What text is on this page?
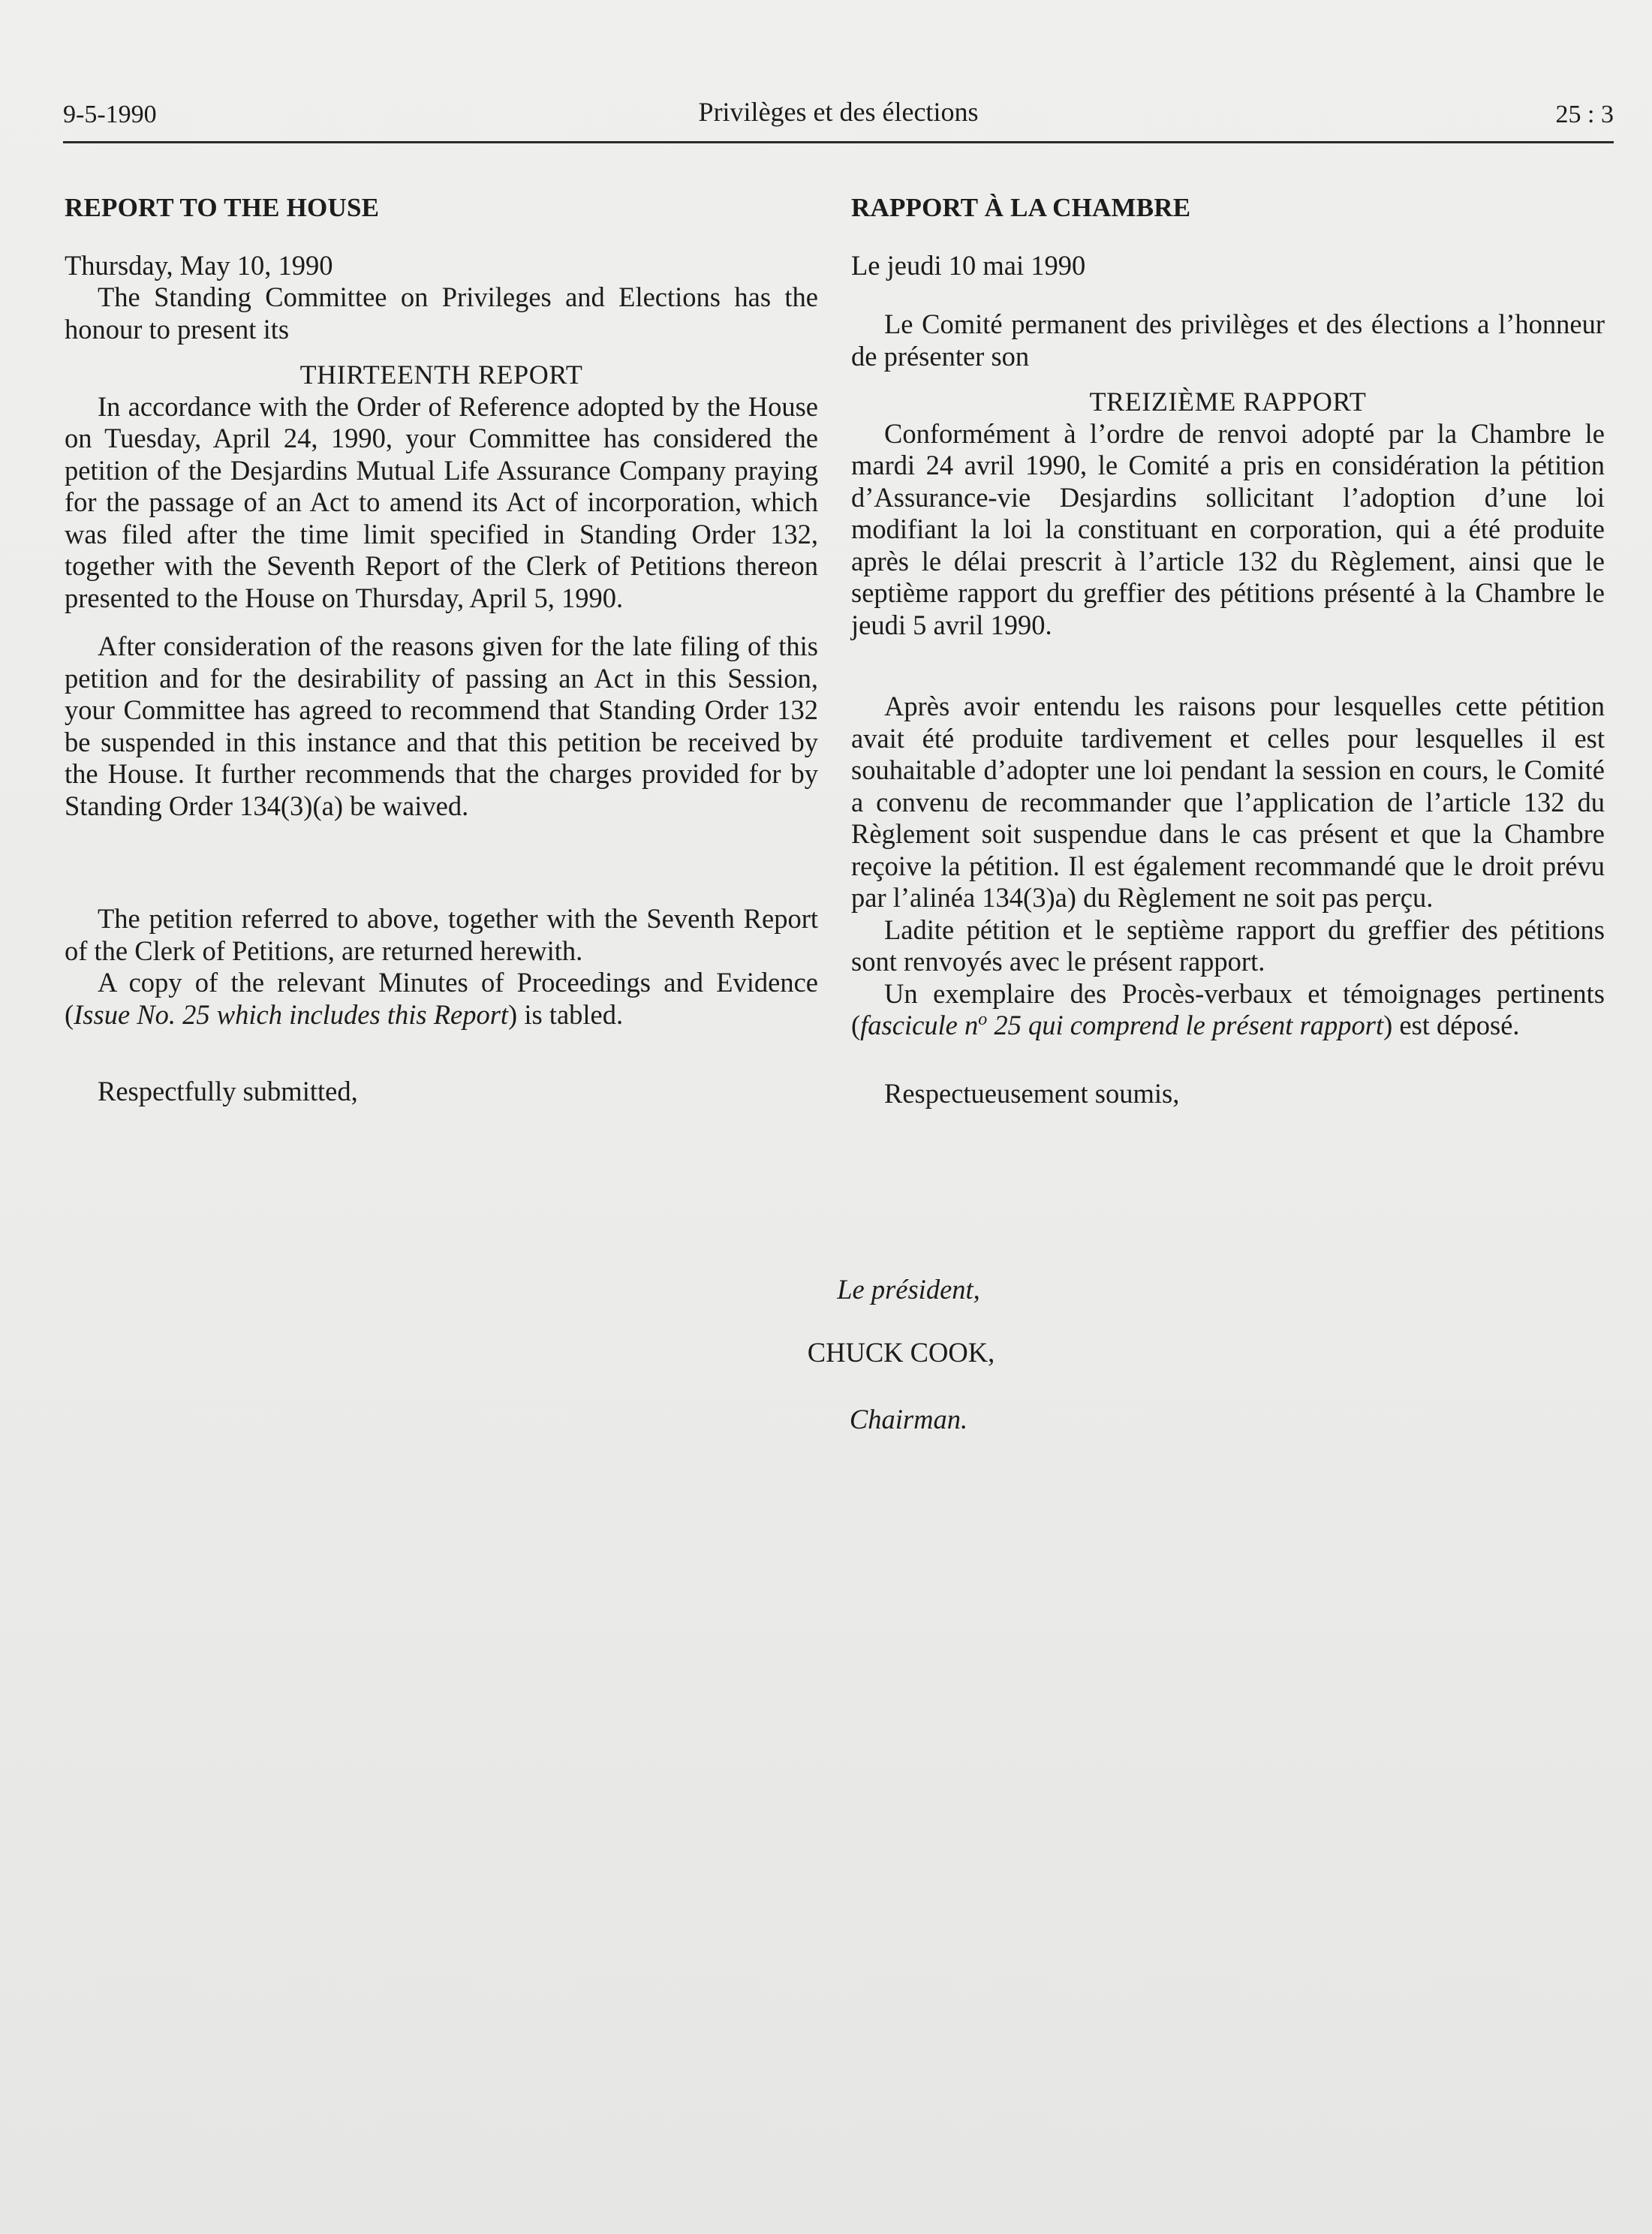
9-5-1990	Privilèges et des élections	25 : 3
REPORT TO THE HOUSE
Thursday, May 10, 1990

The Standing Committee on Privileges and Elections has the honour to present its

THIRTEENTH REPORT

In accordance with the Order of Reference adopted by the House on Tuesday, April 24, 1990, your Committee has considered the petition of the Desjardins Mutual Life Assurance Company praying for the passage of an Act to amend its Act of incorporation, which was filed after the time limit specified in Standing Order 132, together with the Seventh Report of the Clerk of Petitions thereon presented to the House on Thursday, April 5, 1990.

After consideration of the reasons given for the late filing of this petition and for the desirability of passing an Act in this Session, your Committee has agreed to recommend that Standing Order 132 be suspended in this instance and that this petition be received by the House. It further recommends that the charges provided for by Standing Order 134(3)(a) be waived.

The petition referred to above, together with the Seventh Report of the Clerk of Petitions, are returned herewith.

A copy of the relevant Minutes of Proceedings and Evidence (Issue No. 25 which includes this Report) is tabled.

Respectfully submitted,

RAPPORT À LA CHAMBRE
Le jeudi 10 mai 1990

Le Comité permanent des privilèges et des élections a l’honneur de présenter son

TREIZIÈME RAPPORT

Conformément à l’ordre de renvoi adopté par la Chambre le mardi 24 avril 1990, le Comité a pris en considération la pétition d’Assurance-vie Desjardins sollicitant l’adoption d’une loi modifiant la loi la constituant en corporation, qui a été produite après le délai prescrit à l’article 132 du Règlement, ainsi que le septième rapport du greffier des pétitions présenté à la Chambre le jeudi 5 avril 1990.

Après avoir entendu les raisons pour lesquelles cette pétition avait été produite tardivement et celles pour lesquelles il est souhaitable d’adopter une loi pendant la session en cours, le Comité a convenu de recommander que l’application de l’article 132 du Règlement soit suspendue dans le cas présent et que la Chambre reçoive la pétition. Il est également recommandé que le droit prévu par l’alinéa 134(3)a) du Règlement ne soit pas perçu.

Ladite pétition et le septième rapport du greffier des pétitions sont renvoyés avec le présent rapport.

Un exemplaire des Procès-verbaux et témoignages pertinents (fascicule $n^o$ 25 qui comprend le présent rapport) est déposé.

Respectueusement soumis,

Le président,
CHUCK COOK,
Chairman.
